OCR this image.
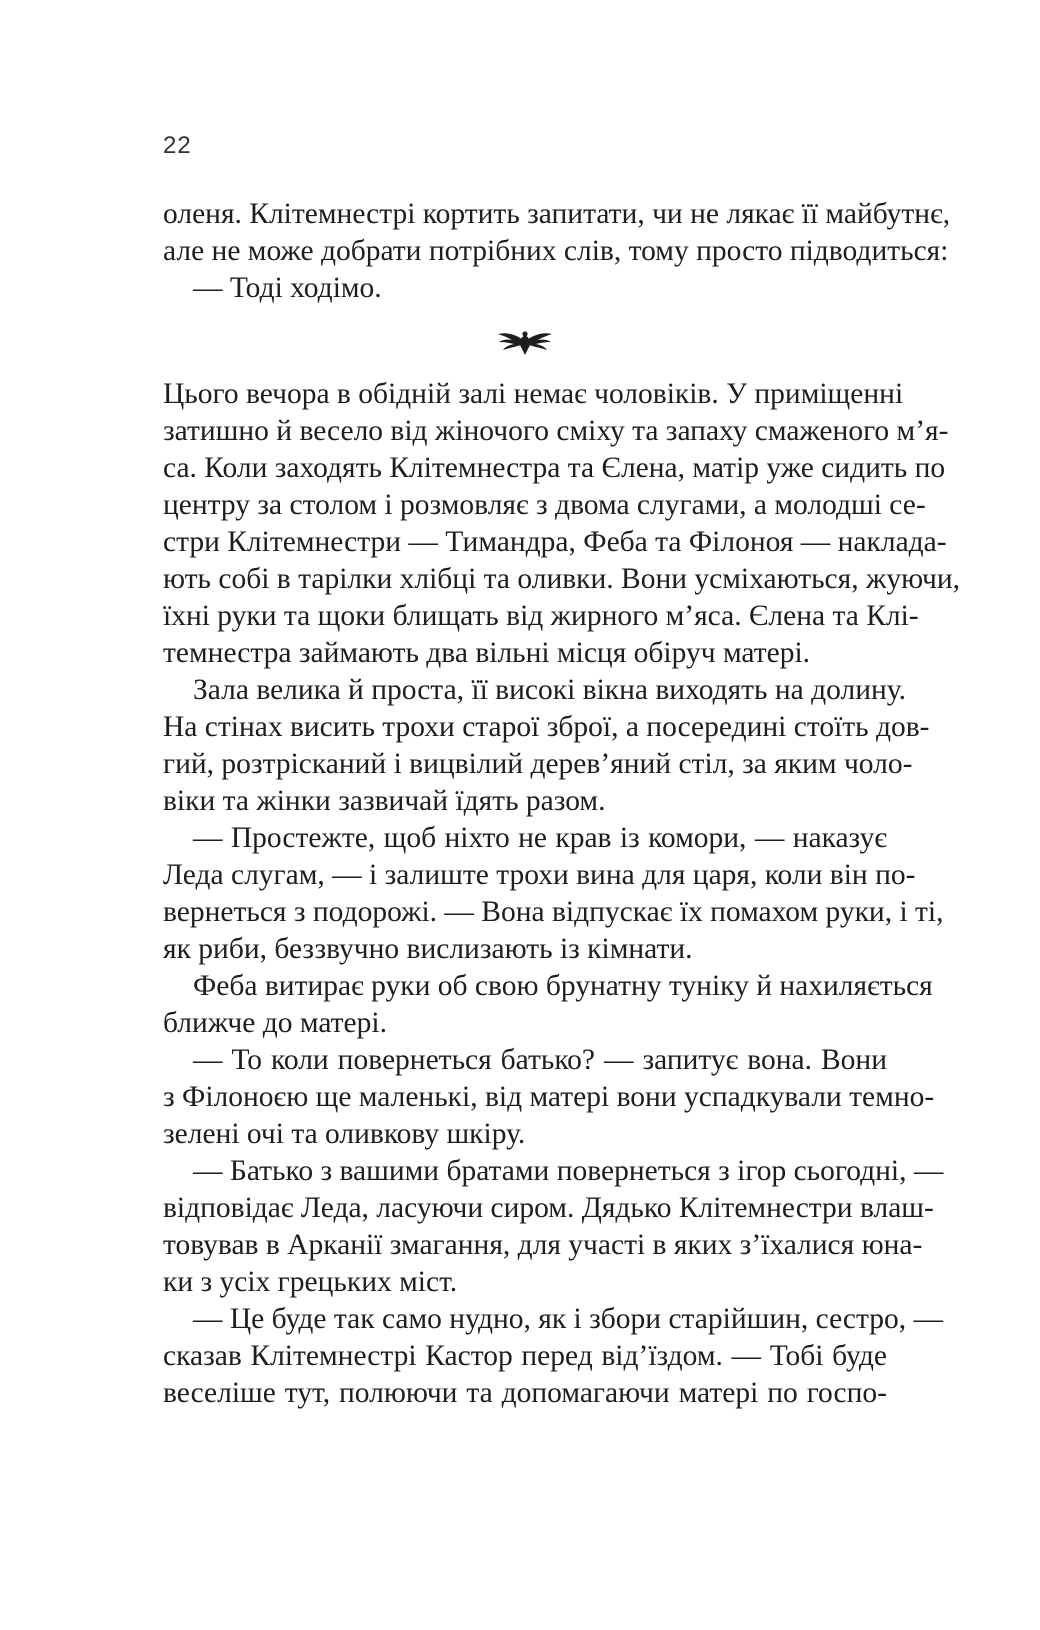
22
оленя. Клітемнестрі кортить запитати, чи не лякає її майбутнє,
але не може добрати потрібних слів, тому просто підводиться:
— Тоді ходімо.
Цього вечора в обідній залі немає чоловіків. У приміщенні
затишно й весело від жіночого сміху та запаху смаженого м’я-
са. Коли заходять Клітемнестра та Єлена, матір уже сидить по
центру за столом і розмовляє з двома слугами, а молодші се-
стри Клітемнестри — Тимандра, Феба та Філоноя — наклада-
ють собі в тарілки хлібці та оливки. Вони усміхаються, жуючи,
їхні руки та щоки блищать від жирного м’яса. Єлена та Клі-
темнестра займають два вільні місця обіруч матері.
Зала велика й проста, її високі вікна виходять на долину.
На стінах висить трохи старої зброї, а посередині стоїть дов-
гий, розтрісканий і вицвілий дерев’яний стіл, за яким чоло-
віки та жінки зазвичай їдять разом.
— Простежте, щоб ніхто не крав із комори, — наказує
Леда слугам, — і залиште трохи вина для царя, коли він по-
вернеться з подорожі. — Вона відпускає їх помахом руки, і ті,
як риби, беззвучно вислизають із кімнати.
Феба витирає руки об свою брунатну туніку й нахиляється
ближче до матері.
— То коли повернеться батько? — запитує вона. Вони
з Філоноєю ще маленькі, від матері вони успадкували темно-
зелені очі та оливкову шкіру.
— Батько з вашими братами повернеться з ігор сьогодні, —
відповідає Леда, ласуючи сиром. Дядько Клітемнестри влаш-
товував в Арканії змагання, для участі в яких з’їхалися юна-
ки з усіх грецьких міст.
— Це буде так само нудно, як і збори старійшин, сестро, —
сказав Клітемнестрі Кастор перед від’їздом. — Тобі буде
веселіше тут, полюючи та допомагаючи матері по госпо-
